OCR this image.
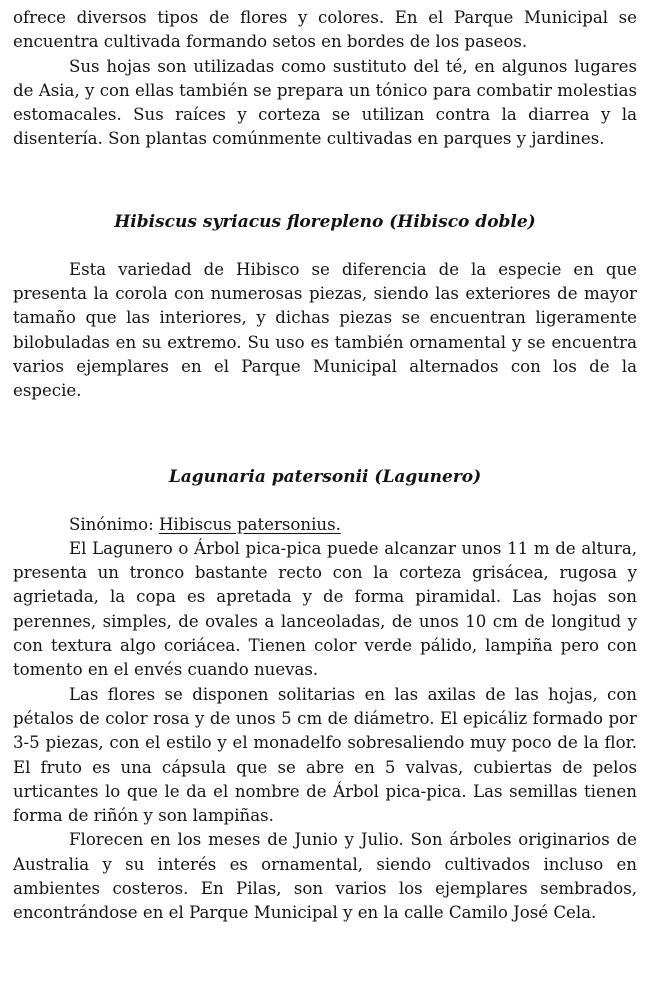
ofrece diversos tipos de flores y colores. En el Parque Municipal se encuentra cultivada formando setos en bordes de los paseos.

Sus hojas son utilizadas como sustituto del té, en algunos lugares de Asia, y con ellas también se prepara un tónico para combatir molestias estomacales. Sus raíces y corteza se utilizan contra la diarrea y la disentería. Son plantas comúnmente cultivadas en parques y jardines.

Hibiscus syriacus florepleno (Hibisco doble)

Esta variedad de Hibisco se diferencia de la especie en que presenta la corola con numerosas piezas, siendo las exteriores de mayor tamaño que las interiores, y dichas piezas se encuentran ligeramente bilobuladas en su extremo. Su uso es también ornamental y se encuentra varios ejemplares en el Parque Municipal alternados con los de la especie.

Lagunaria patersonii (Lagunero)

Sinónimo: Hibiscus patersonius.

El Lagunero o Árbol pica-pica puede alcanzar unos 11 m de altura, presenta un tronco bastante recto con la corteza grisácea, rugosa y agrietada, la copa es apretada y de forma piramidal. Las hojas son perennes, simples, de ovales a lanceoladas, de unos 10 cm de longitud y con textura algo coriácea. Tienen color verde pálido, lampiña pero con tomento en el envés cuando nuevas.

Las flores se disponen solitarias en las axilas de las hojas, con pétalos de color rosa y de unos 5 cm de diámetro. El epicáliz formado por 3-5 piezas, con el estilo y el monadelfo sobresaliendo muy poco de la flor. El fruto es una cápsula que se abre en 5 valvas, cubiertas de pelos urticantes lo que le da el nombre de Árbol pica-pica. Las semillas tienen forma de riñón y son lampiñas.

Florecen en los meses de Junio y Julio. Son árboles originarios de Australia y su interés es ornamental, siendo cultivados incluso en ambientes costeros. En Pilas, son varios los ejemplares sembrados, encontrándose en el Parque Municipal y en la calle Camilo José Cela.
